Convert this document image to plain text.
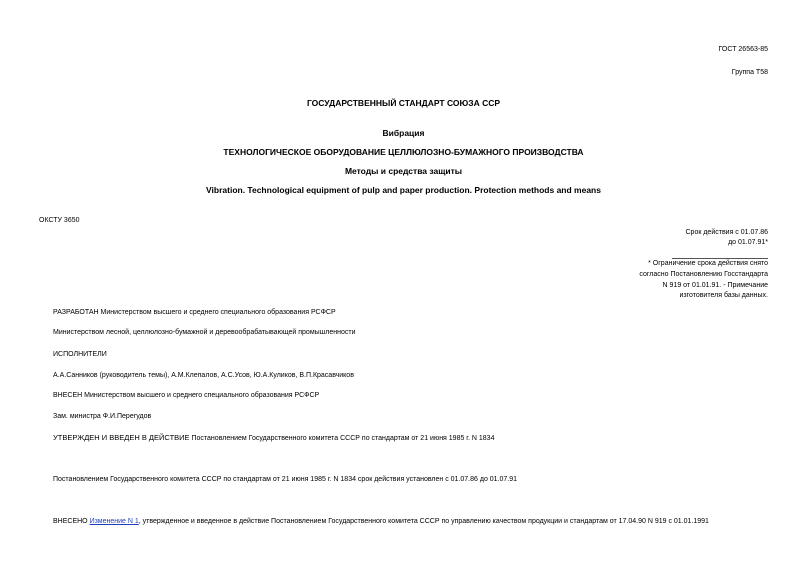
ГОСТ 26563-85
Группа Т58
ГОСУДАРСТВЕННЫЙ СТАНДАРТ СОЮЗА ССР
Вибрация
ТЕХНОЛОГИЧЕСКОЕ ОБОРУДОВАНИЕ ЦЕЛЛЮЛОЗНО-БУМАЖНОГО ПРОИЗВОДСТВА
Методы и средства защиты
Vibration. Technological equipment of pulp and paper production. Protection methods and means
ОКСТУ 3650
Срок действия с 01.07.86
до 01.07.91*
* Ограничение срока действия снято
согласно Постановлению Госстандарта
N 919 от 01.01.91. - Примечание
изготовителя базы данных.
РАЗРАБОТАН Министерством высшего и среднего специального образования РСФСР
Министерством лесной, целлюлозно-бумажной и деревообрабатывающей промышленности
ИСПОЛНИТЕЛИ
А.А.Санников (руководитель темы), А.М.Клепалов, А.С.Усов, Ю.А.Куликов, В.П.Красавчиков
ВНЕСЕН Министерством высшего и среднего специального образования РСФСР
Зам. министра Ф.И.Перегудов
УТВЕРЖДЕН И ВВЕДЕН В ДЕЙСТВИЕ Постановлением Государственного комитета СССР по стандартам от 21 июня 1985 г. N 1834
Постановлением Государственного комитета СССР по стандартам от 21 июня 1985 г. N 1834 срок действия установлен с 01.07.86 до 01.07.91
ВНЕСЕНО Изменение N 1, утвержденное и введенное в действие Постановлением Государственного комитета СССР по управлению качеством продукции и стандартам от 17.04.90 N 919 с 01.01.1991
